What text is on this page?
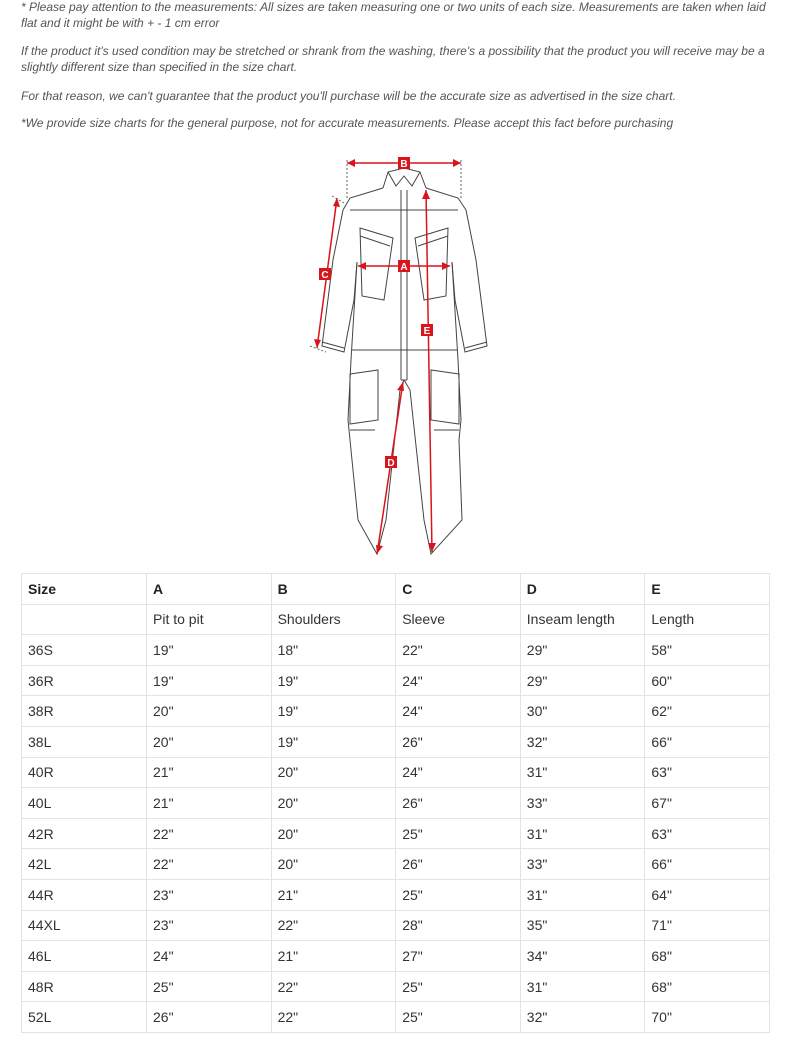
* Please pay attention to the measurements: All sizes are taken measuring one or two units of each size. Measurements are taken when laid flat and it might be with + - 1 cm error

If the product it's used condition may be stretched or shrank from the washing, there's a possibility that the product you will receive may be a slightly different size than specified in the size chart.

For that reason, we can't guarantee that the product you'll purchase will be the accurate size as advertised in the size chart.

*We provide size charts for the general purpose, not for accurate measurements. Please accept this fact before purchasing

B
A
C
E
D
Size	A	B	C	D	E
	Pit to pit	Shoulders	Sleeve	Inseam length	Length
36S	19"	18"	22"	29"	58"
36R	19"	19"	24"	29"	60"
38R	20"	19"	24"	30"	62"
38L	20"	19"	26"	32"	66"
40R	21"	20"	24"	31"	63"
40L	21"	20"	26"	33"	67"
42R	22"	20"	25"	31"	63"
42L	22"	20"	26"	33"	66"
44R	23"	21"	25"	31"	64"
44XL	23"	22"	28"	35"	71"
46L	24"	21"	27"	34"	68"
48R	25"	22"	25"	31"	68"
52L	26"	22"	25"	32"	70"
